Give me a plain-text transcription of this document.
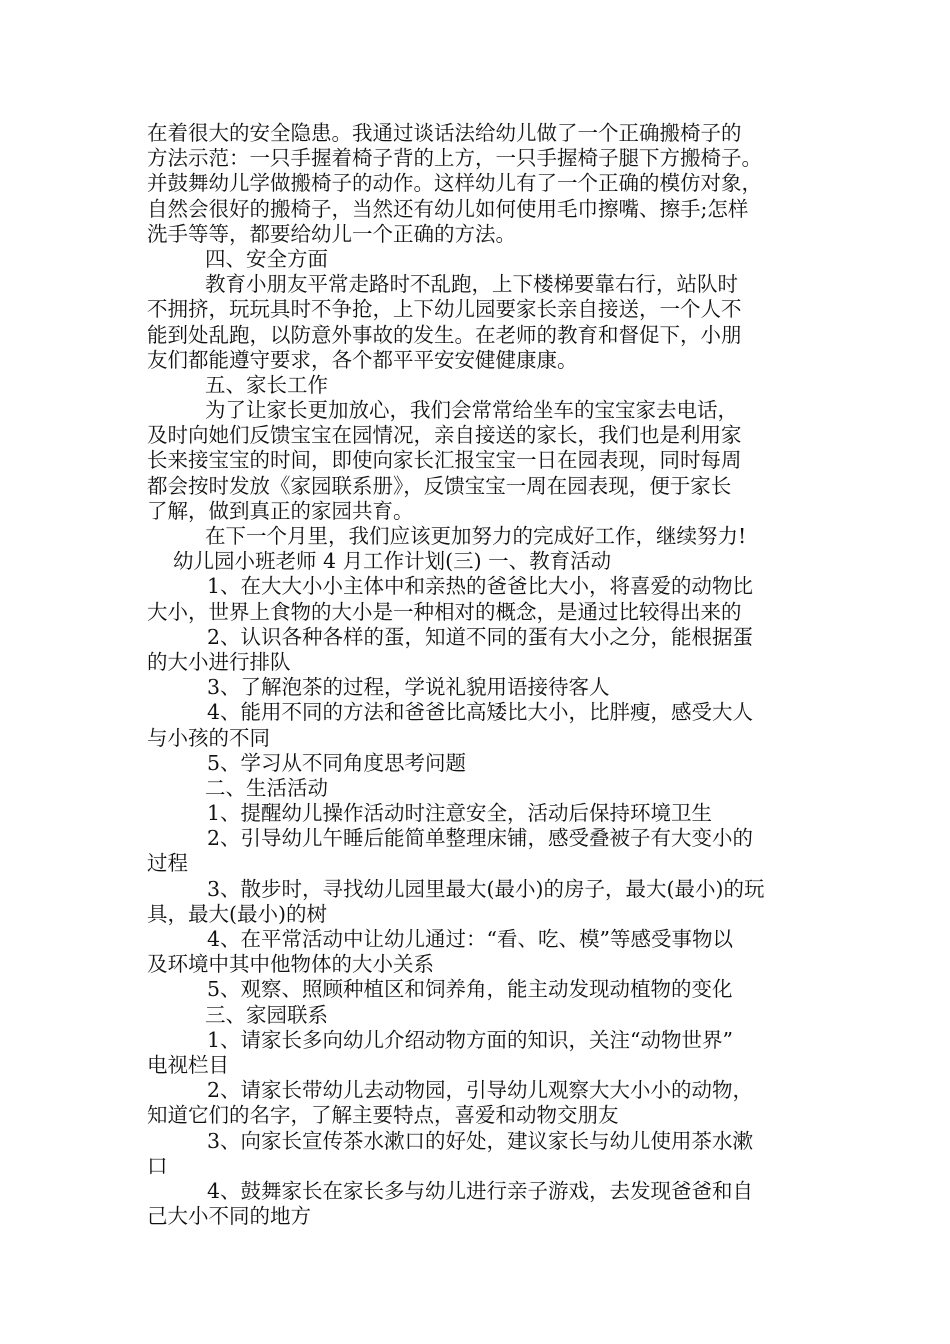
在着很大的安全隐患。我通过谈话法给幼儿做了一个正确搬椅子的
方法示范：一只手握着椅子背的上方，一只手握椅子腿下方搬椅子。
并鼓舞幼儿学做搬椅子的动作。这样幼儿有了一个正确的模仿对象，
自然会很好的搬椅子，当然还有幼儿如何使用毛巾擦嘴、擦手;怎样
洗手等等，都要给幼儿一个正确的方法。
四、安全方面
教育小朋友平常走路时不乱跑，上下楼梯要靠右行，站队时
不拥挤，玩玩具时不争抢，上下幼儿园要家长亲自接送，一个人不
能到处乱跑，以防意外事故的发生。在老师的教育和督促下，小朋
友们都能遵守要求，各个都平平安安健健康康。
五、家长工作
为了让家长更加放心，我们会常常给坐车的宝宝家去电话，
及时向她们反馈宝宝在园情况，亲自接送的家长，我们也是利用家
长来接宝宝的时间，即使向家长汇报宝宝一日在园表现，同时每周
都会按时发放《家园联系册》，反馈宝宝一周在园表现，便于家长
了解，做到真正的家园共育。
在下一个月里，我们应该更加努力的完成好工作，继续努力!
幼儿园小班老师 4 月工作计划(三) 一、教育活动
1、在大大小小主体中和亲热的爸爸比大小，将喜爱的动物比
大小，世界上食物的大小是一种相对的概念，是通过比较得出来的
2、认识各种各样的蛋，知道不同的蛋有大小之分，能根据蛋
的大小进行排队
3、了解泡茶的过程，学说礼貌用语接待客人
4、能用不同的方法和爸爸比高矮比大小，比胖瘦，感受大人
与小孩的不同
5、学习从不同角度思考问题
二、生活活动
1、提醒幼儿操作活动时注意安全，活动后保持环境卫生
2、引导幼儿午睡后能简单整理床铺，感受叠被子有大变小的
过程
3、散步时，寻找幼儿园里最大(最小)的房子，最大(最小)的玩
具，最大(最小)的树
4、在平常活动中让幼儿通过：“看、吃、模”等感受事物以
及环境中其中他物体的大小关系
5、观察、照顾种植区和饲养角，能主动发现动植物的变化
三、家园联系
1、请家长多向幼儿介绍动物方面的知识，关注“动物世界”
电视栏目
2、请家长带幼儿去动物园，引导幼儿观察大大小小的动物，
知道它们的名字，了解主要特点，喜爱和动物交朋友
3、向家长宣传茶水漱口的好处，建议家长与幼儿使用茶水漱
口
4、鼓舞家长在家长多与幼儿进行亲子游戏，去发现爸爸和自
己大小不同的地方
